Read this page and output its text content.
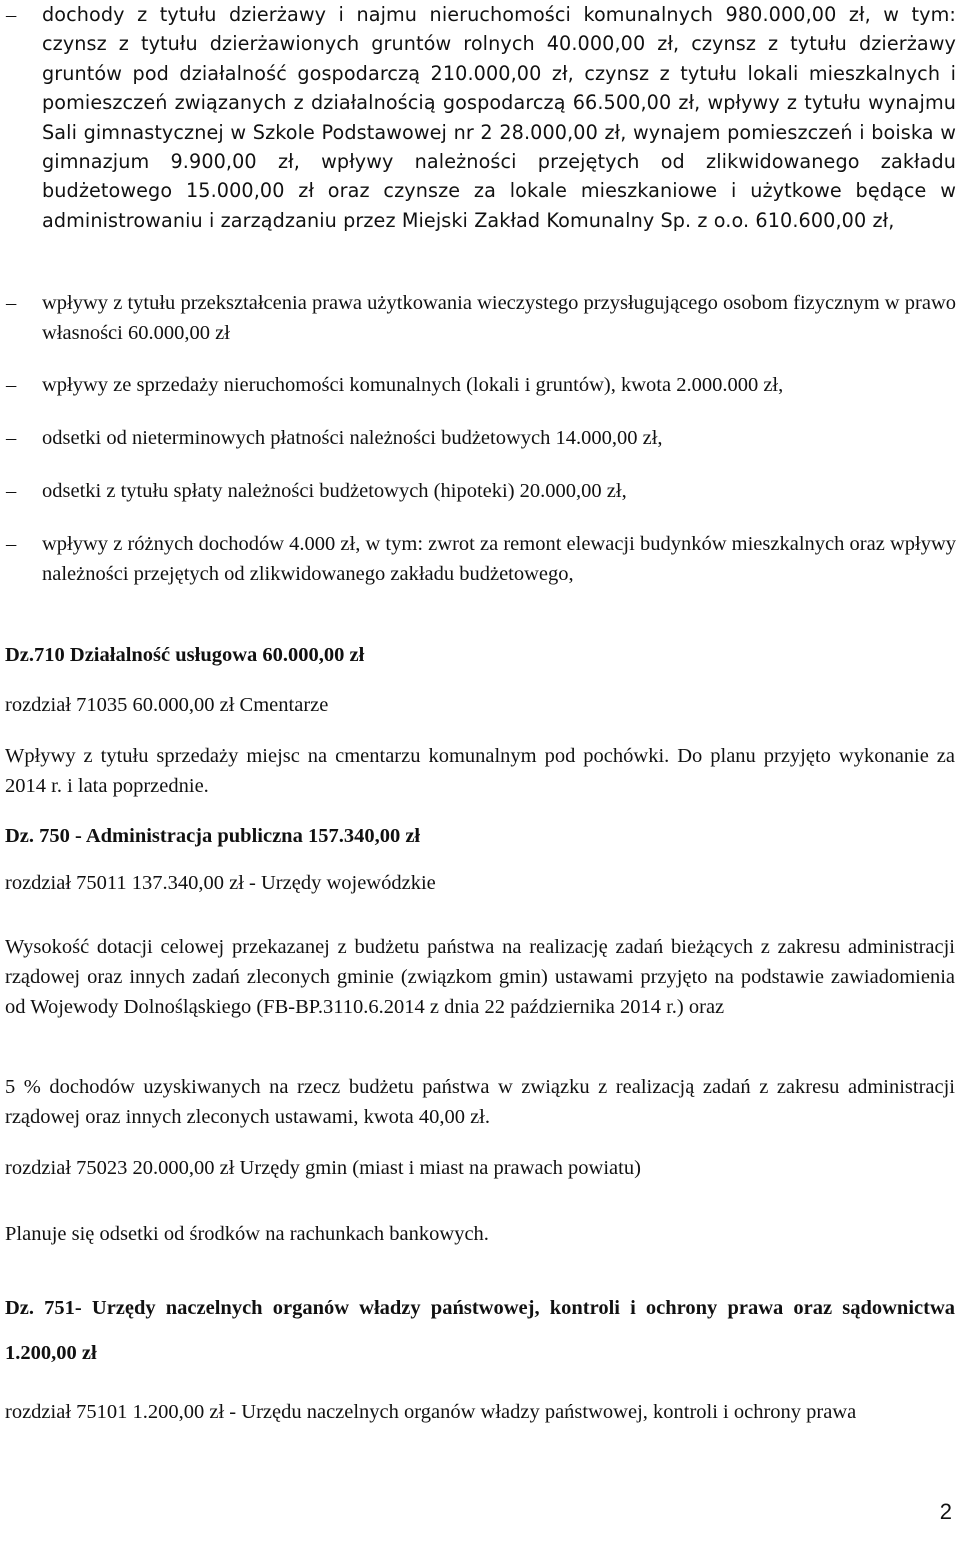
– dochody z tytułu dzierżawy i najmu nieruchomości komunalnych 980.000,00 zł, w tym: czynsz z tytułu dzierżawionych gruntów rolnych 40.000,00 zł, czynsz z tytułu dzierżawy gruntów pod działalność gospodarczą 210.000,00 zł, czynsz z tytułu lokali mieszkalnych i pomieszczeń związanych z działalnością gospodarczą 66.500,00 zł, wpływy z tytułu wynajmu Sali gimnastycznej w Szkole Podstawowej nr 2 28.000,00 zł, wynajem pomieszczeń i boiska w gimnazjum 9.900,00 zł, wpływy należności przejętych od zlikwidowanego zakładu budżetowego 15.000,00 zł oraz czynsze za lokale mieszkaniowe i użytkowe będące w administrowaniu i zarządzaniu przez Miejski Zakład Komunalny Sp. z o.o. 610.600,00 zł,
– wpływy z tytułu przekształcenia prawa użytkowania wieczystego przysługującego osobom fizycznym w prawo własności 60.000,00 zł
– wpływy ze sprzedaży nieruchomości komunalnych (lokali i gruntów), kwota 2.000.000 zł,
– odsetki od nieterminowych płatności należności budżetowych 14.000,00 zł,
– odsetki z tytułu spłaty należności budżetowych (hipoteki) 20.000,00 zł,
– wpływy z różnych dochodów 4.000 zł, w tym: zwrot za remont elewacji budynków mieszkalnych oraz wpływy należności przejętych od zlikwidowanego zakładu budżetowego,
Dz.710 Działalność usługowa 60.000,00 zł
rozdział 71035 60.000,00 zł Cmentarze
Wpływy z tytułu sprzedaży miejsc na cmentarzu komunalnym pod pochówki. Do planu przyjęto wykonanie za 2014 r. i lata poprzednie.
Dz. 750 - Administracja publiczna 157.340,00 zł
rozdział 75011 137.340,00 zł - Urzędy wojewódzkie
Wysokość dotacji celowej przekazanej z budżetu państwa na realizację zadań bieżących z zakresu administracji rządowej oraz innych zadań zleconych gminie (związkom gmin) ustawami przyjęto na podstawie zawiadomienia od Wojewody Dolnośląskiego (FB-BP.3110.6.2014 z dnia 22 października 2014 r.) oraz
5 % dochodów uzyskiwanych na rzecz budżetu państwa w związku z realizacją zadań z zakresu administracji rządowej oraz innych zleconych ustawami, kwota 40,00 zł.
rozdział 75023 20.000,00 zł Urzędy gmin (miast i miast na prawach powiatu)
Planuje się odsetki od środków na rachunkach bankowych.
Dz. 751- Urzędy naczelnych organów władzy państwowej, kontroli i ochrony prawa oraz sądownictwa 1.200,00 zł
rozdział 75101 1.200,00 zł - Urzędu naczelnych organów władzy państwowej, kontroli i ochrony prawa
2
